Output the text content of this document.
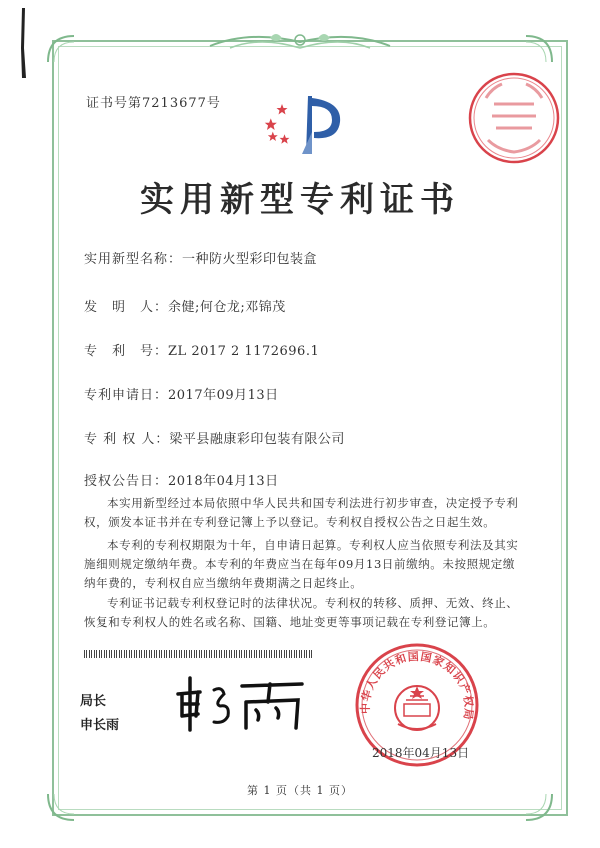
证书号第7213677号
实用新型专利证书
实用新型名称：一种防火型彩印包装盒
发　明　人：余健;何仓龙;邓锦茂
专　利　号：ZL 2017 2 1172696.1
专利申请日：2017年09月13日
专 利 权 人：梁平县融康彩印包装有限公司
授权公告日：2018年04月13日
本实用新型经过本局依照中华人民共和国专利法进行初步审查，决定授予专利权，颁发本证书并在专利登记簿上予以登记。专利权自授权公告之日起生效。
本专利的专利权期限为十年，自申请日起算。专利权人应当依照专利法及其实施细则规定缴纳年费。本专利的年费应当在每年09月13日前缴纳。未按照规定缴纳年费的，专利权自应当缴纳年费期满之日起终止。
专利证书记载专利权登记时的法律状况。专利权的转移、质押、无效、终止、恢复和专利权人的姓名或名称、国籍、地址变更等事项记载在专利登记簿上。
局长
申长雨
中华人民共和国国家知识产权局
2018年04月13日
第 1 页（共 1 页）
